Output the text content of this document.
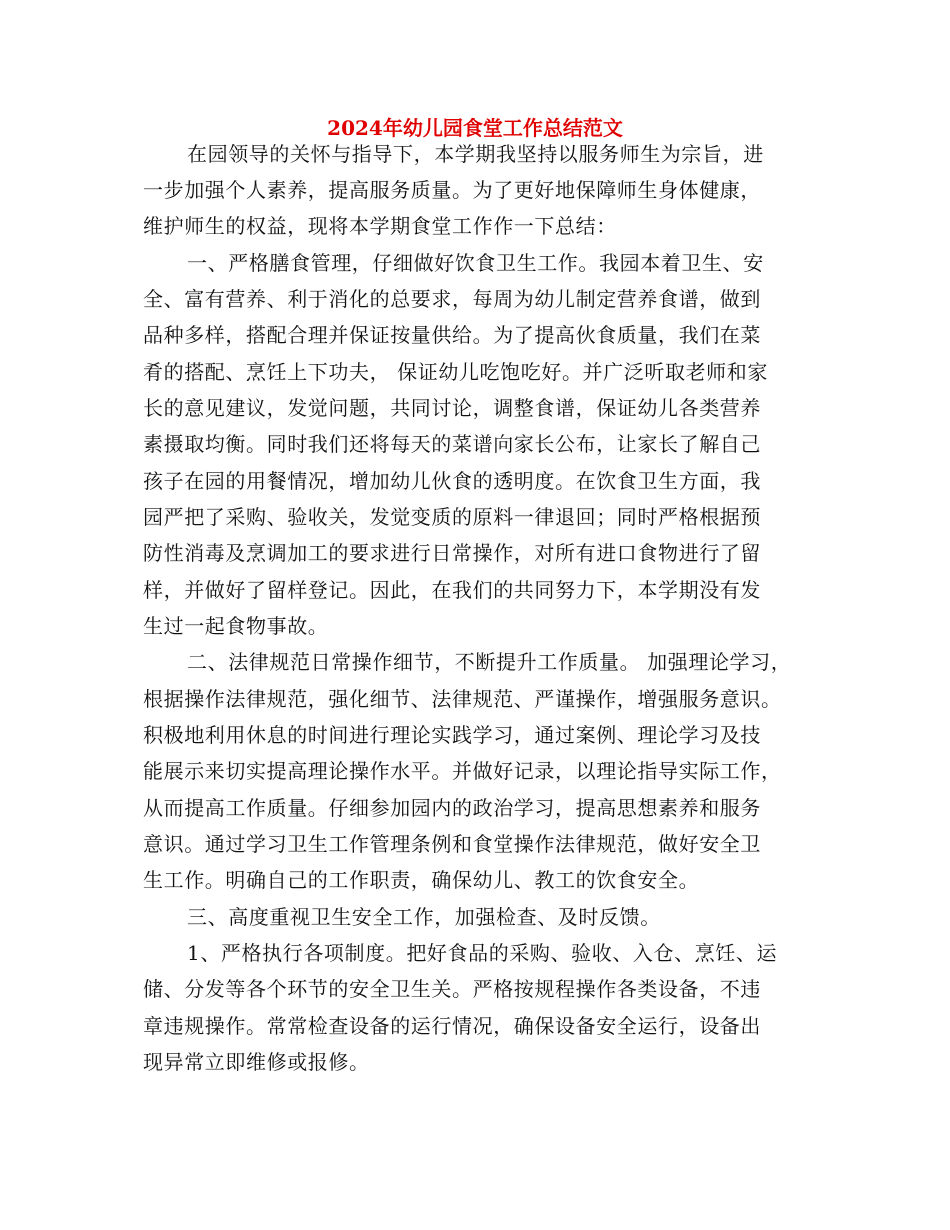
2024年幼儿园食堂工作总结范文
在园领导的关怀与指导下，本学期我坚持以服务师生为宗旨，进
一步加强个人素养，提高服务质量。为了更好地保障师生身体健康，
维护师生的权益，现将本学期食堂工作作一下总结：
一、严格膳食管理，仔细做好饮食卫生工作。我园本着卫生、安
全、富有营养、利于消化的总要求，每周为幼儿制定营养食谱，做到
品种多样，搭配合理并保证按量供给。为了提高伙食质量，我们在菜
肴的搭配、烹饪上下功夫， 保证幼儿吃饱吃好。并广泛听取老师和家
长的意见建议，发觉问题，共同讨论，调整食谱，保证幼儿各类营养
素摄取均衡。同时我们还将每天的菜谱向家长公布，让家长了解自己
孩子在园的用餐情况，增加幼儿伙食的透明度。在饮食卫生方面，我
园严把了采购、验收关，发觉变质的原料一律退回；同时严格根据预
防性消毒及烹调加工的要求进行日常操作，对所有进口食物进行了留
样，并做好了留样登记。因此，在我们的共同努力下，本学期没有发
生过一起食物事故。
二、法律规范日常操作细节，不断提升工作质量。 加强理论学习，
根据操作法律规范，强化细节、法律规范、严谨操作，增强服务意识。
积极地利用休息的时间进行理论实践学习，通过案例、理论学习及技
能展示来切实提高理论操作水平。并做好记录，以理论指导实际工作，
从而提高工作质量。仔细参加园内的政治学习，提高思想素养和服务
意识。通过学习卫生工作管理条例和食堂操作法律规范，做好安全卫
生工作。明确自己的工作职责，确保幼儿、教工的饮食安全。
三、高度重视卫生安全工作，加强检查、及时反馈。
1、严格执行各项制度。把好食品的采购、验收、入仓、烹饪、运
储、分发等各个环节的安全卫生关。严格按规程操作各类设备，不违
章违规操作。常常检查设备的运行情况，确保设备安全运行，设备出
现异常立即维修或报修。
